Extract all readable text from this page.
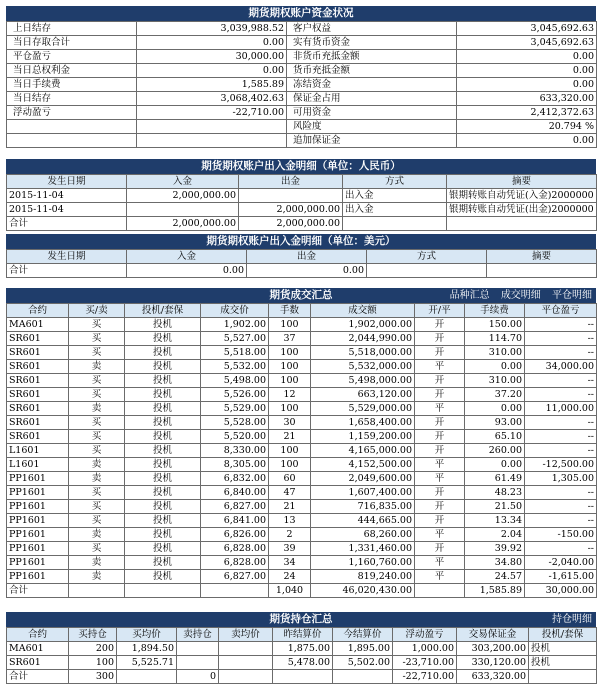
期货期权账户资金状况
上日结存	3,039,988.52	客户权益	3,045,692.63
当日存取合计	0.00	实有货币资金	3,045,692.63
平仓盈亏	30,000.00	非货币充抵金额	0.00
当日总权利金	0.00	货币充抵金额	0.00
当日手续费	1,585.89	冻结资金	0.00
当日结存	3,068,402.63	保证金占用	633,320.00
浮动盈亏	-22,710.00	可用资金	2,412,372.63
		风险度	20.794 %
		追加保证金	0.00
期货期权账户出入金明细（单位：人民币）
发生日期	入金	出金	方式	摘要
2015-11-04	2,000,000.00		出入金	银期转账自动凭证(入金)2000000
2015-11-04		2,000,000.00	出入金	银期转账自动凭证(出金)2000000
合计	2,000,000.00	2,000,000.00		
期货期权账户出入金明细（单位：美元）
发生日期	入金	出金	方式	摘要
合计	0.00	0.00		
期货成交汇总	品种汇总 成交明细 平仓明细
合约	买/卖	投机/套保	成交价	手数	成交额	开/平	手续费	平仓盈亏
MA601	买	投机	1,902.00	100	1,902,000.00	开	150.00	--
SR601	买	投机	5,527.00	37	2,044,990.00	开	114.70	--
SR601	买	投机	5,518.00	100	5,518,000.00	开	310.00	--
SR601	卖	投机	5,532.00	100	5,532,000.00	平	0.00	34,000.00
SR601	买	投机	5,498.00	100	5,498,000.00	开	310.00	--
SR601	买	投机	5,526.00	12	663,120.00	开	37.20	--
SR601	卖	投机	5,529.00	100	5,529,000.00	平	0.00	11,000.00
SR601	买	投机	5,528.00	30	1,658,400.00	开	93.00	--
SR601	买	投机	5,520.00	21	1,159,200.00	开	65.10	--
L1601	买	投机	8,330.00	100	4,165,000.00	开	260.00	--
L1601	卖	投机	8,305.00	100	4,152,500.00	平	0.00	-12,500.00
PP1601	卖	投机	6,832.00	60	2,049,600.00	平	61.49	1,305.00
PP1601	买	投机	6,840.00	47	1,607,400.00	开	48.23	--
PP1601	买	投机	6,827.00	21	716,835.00	开	21.50	--
PP1601	买	投机	6,841.00	13	444,665.00	开	13.34	--
PP1601	卖	投机	6,826.00	2	68,260.00	平	2.04	-150.00
PP1601	买	投机	6,828.00	39	1,331,460.00	开	39.92	--
PP1601	卖	投机	6,828.00	34	1,160,760.00	平	34.80	-2,040.00
PP1601	卖	投机	6,827.00	24	819,240.00	平	24.57	-1,615.00
合计				1,040	46,020,430.00		1,585.89	30,000.00
期货持仓汇总	持仓明细
合约	买持仓	买均价	卖持仓	卖均价	昨结算价	今结算价	浮动盈亏	交易保证金	投机/套保
MA601	200	1,894.50			1,875.00	1,895.00	1,000.00	303,200.00	投机
SR601	100	5,525.71			5,478.00	5,502.00	-23,710.00	330,120.00	投机
合计	300		0				-22,710.00	633,320.00	
